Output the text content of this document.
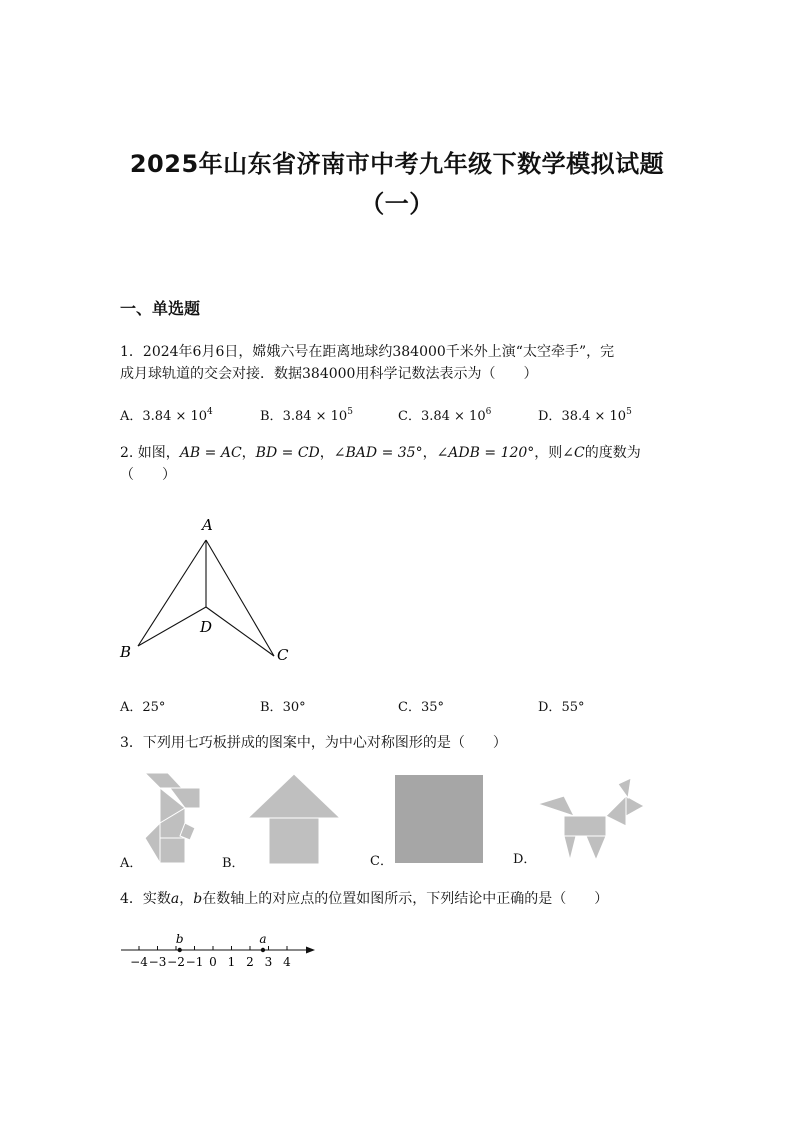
2025年山东省济南市中考九年级下数学模拟试题
（一）
一、单选题
1．2024年6月6日，嫦娥六号在距离地球约384000千米外上演“太空牵手”，完
成月球轨道的交会对接．数据384000用科学记数法表示为（　　）
A．$3.84 \times 10^4$	B．$3.84 \times 10^5$	C．$3.84 \times 10^6$	D．$38.4 \times 10^5$
2. 如图，AB = AC，BD = CD，∠BAD = 35°，∠ADB = 120°，则∠C的度数为
（　　）
A
B	C
D
A．25°	B．30°	C．35°	D．55°
3．下列用七巧板拼成的图案中，为中心对称图形的是（　　）
A．	B．	C．	D．
4．实数a，b在数轴上的对应点的位置如图所示，下列结论中正确的是（　　）
−4 −3 −2 −1 0 1 2 3 4
b	a
